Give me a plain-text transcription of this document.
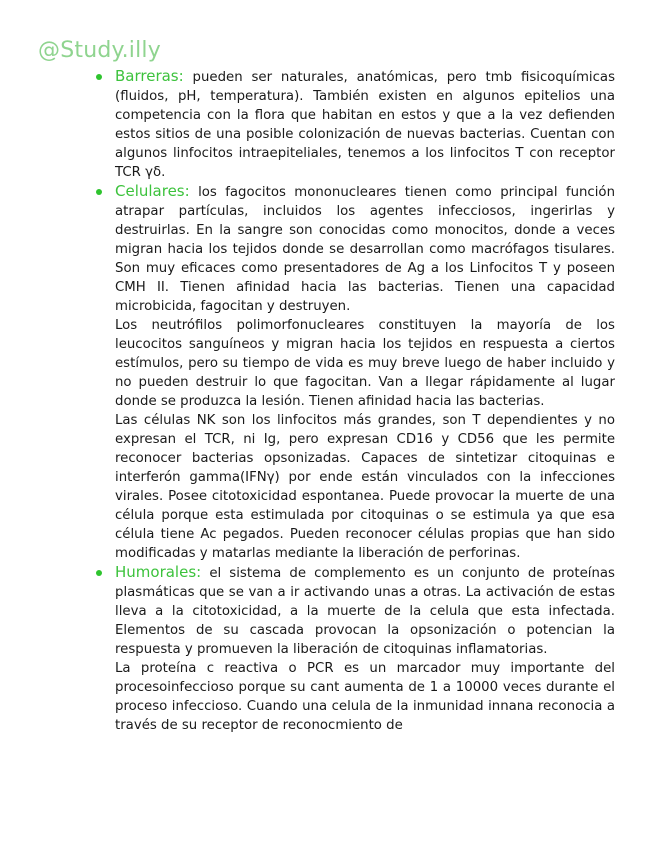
@Study.illy

Barreras: pueden ser naturales, anatómicas, pero tmb fisicoquímicas (fluidos, pH, temperatura). También existen en algunos epitelios una competencia con la flora que habitan en estos y que a la vez defienden estos sitios de una posible colonización de nuevas bacterias. Cuentan con algunos linfocitos intraepiteliales, tenemos a los linfocitos T con receptor TCR γδ.

Celulares: los fagocitos mononucleares tienen como principal función atrapar partículas, incluidos los agentes infecciosos, ingerirlas y destruirlas. En la sangre son conocidas como monocitos, donde a veces migran hacia los tejidos donde se desarrollan como macrófagos tisulares. Son muy eficaces como presentadores de Ag a los Linfocitos T y poseen CMH II. Tienen afinidad hacia las bacterias. Tienen una capacidad microbicida, fagocitan y destruyen.

Los neutrófilos polimorfonucleares constituyen la mayoría de los leucocitos sanguíneos y migran hacia los tejidos en respuesta a ciertos estímulos, pero su tiempo de vida es muy breve luego de haber incluido y no pueden destruir lo que fagocitan. Van a llegar rápidamente al lugar donde se produzca la lesión. Tienen afinidad hacia las bacterias.

Las células NK son los linfocitos más grandes, son T dependientes y no expresan el TCR, ni Ig, pero expresan CD16 y CD56 que les permite reconocer bacterias opsonizadas. Capaces de sintetizar citoquinas e interferón gamma(IFNγ) por ende están vinculados con la infecciones virales. Posee citotoxicidad espontanea. Puede provocar la muerte de una célula porque esta estimulada por citoquinas o se estimula ya que esa célula tiene Ac pegados. Pueden reconocer células propias que han sido modificadas y matarlas mediante la liberación de perforinas.

Humorales: el sistema de complemento es un conjunto de proteínas plasmáticas que se van a ir activando unas a otras. La activación de estas lleva a la citotoxicidad, a la muerte de la celula que esta infectada. Elementos de su cascada provocan la opsonización o potencian la respuesta y promueven la liberación de citoquinas inflamatorias.

La proteína c reactiva o PCR es un marcador muy importante del procesoinfeccioso porque su cant aumenta de 1 a 10000 veces durante el proceso infeccioso. Cuando una celula de la inmunidad innana reconocia a través de su receptor de reconocmiento de
